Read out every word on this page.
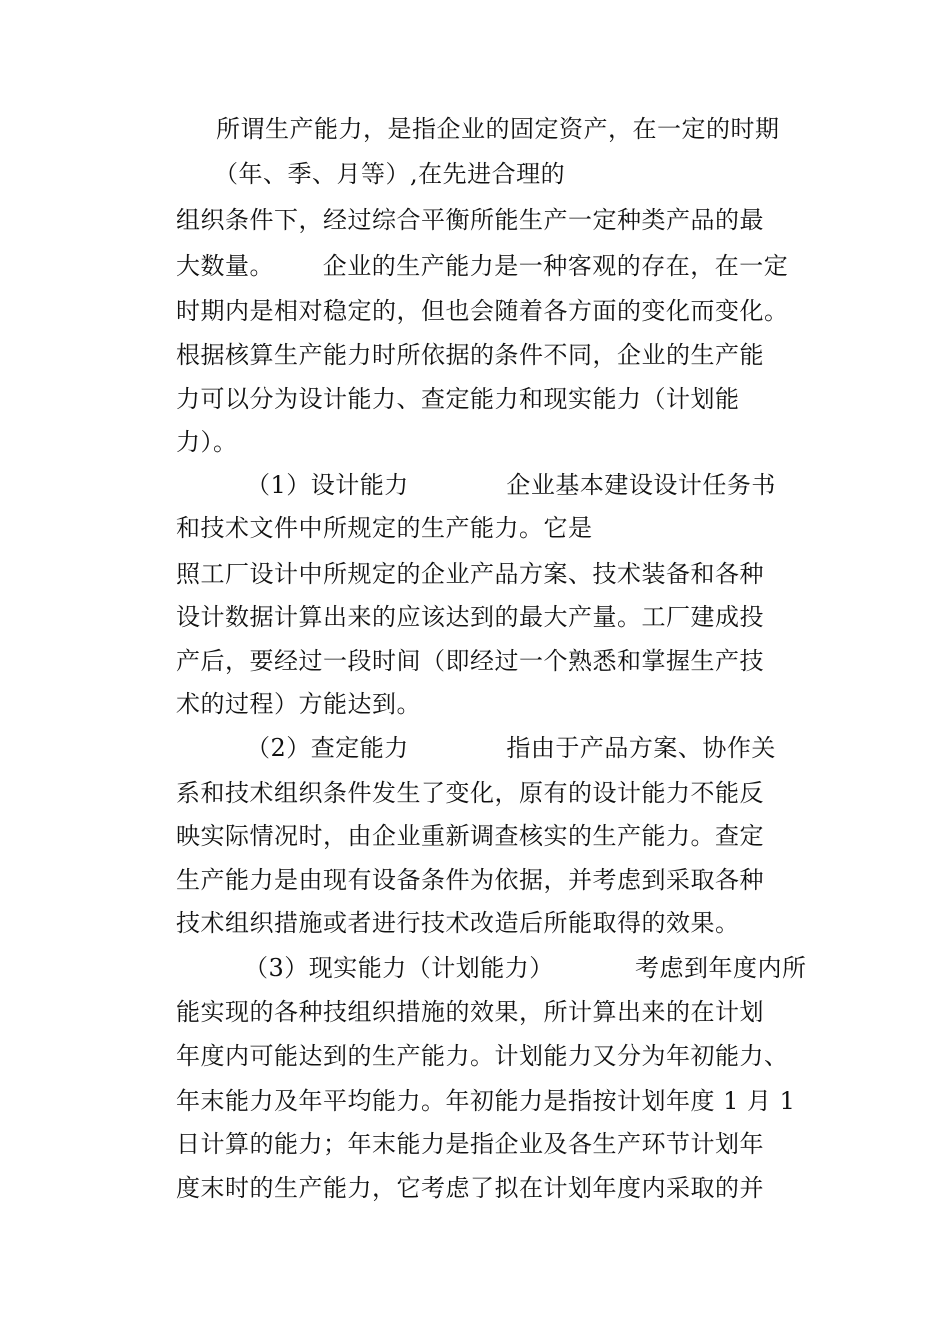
所谓生产能力，是指企业的固定资产，在一定的时期
（年、季、月等）,在先进合理的
组织条件下，经过综合平衡所能生产一定种类产品的最
大数量。      企业的生产能力是一种客观的存在，在一定
时期内是相对稳定的，但也会随着各方面的变化而变化。
根据核算生产能力时所依据的条件不同，企业的生产能
力可以分为设计能力、查定能力和现实能力（计划能
力）。
（1）设计能力            企业基本建设设计任务书
和技术文件中所规定的生产能力。它是
照工厂设计中所规定的企业产品方案、技术装备和各种
设计数据计算出来的应该达到的最大产量。工厂建成投
产后，要经过一段时间（即经过一个熟悉和掌握生产技
术的过程）方能达到。
（2）查定能力            指由于产品方案、协作关
系和技术组织条件发生了变化，原有的设计能力不能反
映实际情况时，由企业重新调查核实的生产能力。查定
生产能力是由现有设备条件为依据，并考虑到采取各种
技术组织措施或者进行技术改造后所能取得的效果。
（3）现实能力（计划能力）          考虑到年度内所
能实现的各种技组织措施的效果，所计算出来的在计划
年度内可能达到的生产能力。计划能力又分为年初能力、
年末能力及年平均能力。年初能力是指按计划年度 1 月 1
日计算的能力；年末能力是指企业及各生产环节计划年
度末时的生产能力，它考虑了拟在计划年度内采取的并
